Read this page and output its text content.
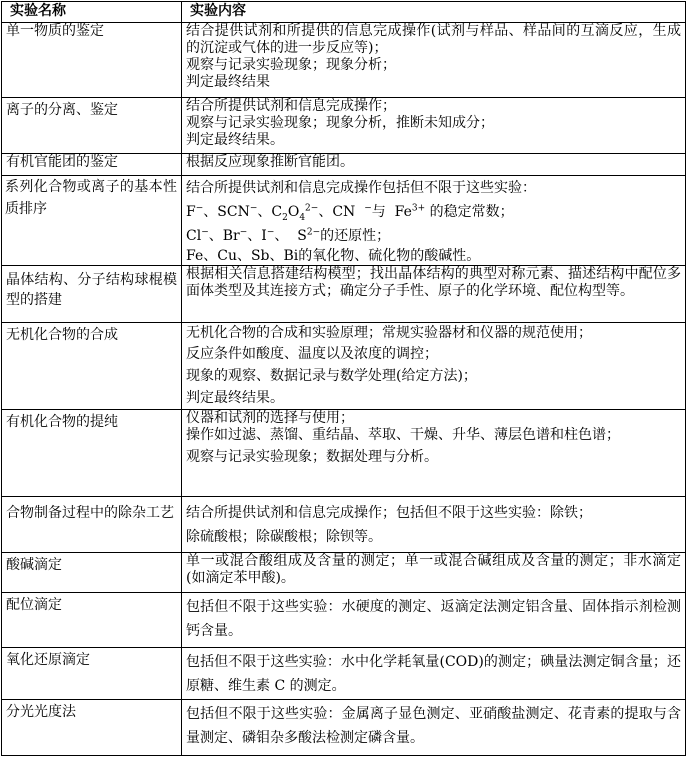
实验名称	实验内容
单一物质的鉴定	结合提供试剂和所提供的信息完成操作(试剂与样品、样品间的互滴反应，生成的沉淀或气体的进一步反应等)；
观察与记录实验现象；现象分析；
判定最终结果

离子的分离、鉴定	结合所提供试剂和信息完成操作；
观察与记录实验现象；现象分析，推断未知成分；
判定最终结果。

有机官能团的鉴定	根据反应现象推断官能团。

系列化合物或离子的基本性质排序	结合所提供试剂和信息完成操作包括但不限于这些实验：
F−、SCN−、$C_2O_4^{2-}$、CN −与 $Fe^{3+}$ 的稳定常数；
Cl−、Br−、I−、 $S^{2-}$的还原性；
Fe、Cu、Sb、Bi的氧化物、硫化物的酸碱性。

晶体结构、分子结构球棍模型的搭建	根据相关信息搭建结构模型；找出晶体结构的典型对称元素、描述结构中配位多面体类型及其连接方式；确定分子手性、原子的化学环境、配位构型等。

无机化合物的合成	无机化合物的合成和实验原理；常规实验器材和仪器的规范使用；
反应条件如酸度、温度以及浓度的调控；
现象的观察、数据记录与数学处理(给定方法)；
判定最终结果。

有机化合物的提纯	仪器和试剂的选择与使用；
操作如过滤、蒸馏、重结晶、萃取、干燥、升华、薄层色谱和柱色谱；
观察与记录实验现象；数据处理与分析。

合物制备过程中的除杂工艺	结合所提供试剂和信息完成操作；包括但不限于这些实验：除铁；
除硫酸根；除碳酸根；除钡等。

酸碱滴定	单一或混合酸组成及含量的测定；单一或混合碱组成及含量的测定；非水滴定(如滴定苯甲酸)。

配位滴定	包括但不限于这些实验：水硬度的测定、返滴定法测定铝含量、固体指示剂检测钙含量。

氧化还原滴定	包括但不限于这些实验：水中化学耗氧量(COD)的测定；碘量法测定铜含量；还原糖、维生素 C 的测定。

分光光度法	包括但不限于这些实验：金属离子显色测定、亚硝酸盐测定、花青素的提取与含量测定、磷钼杂多酸法检测定磷含量。
